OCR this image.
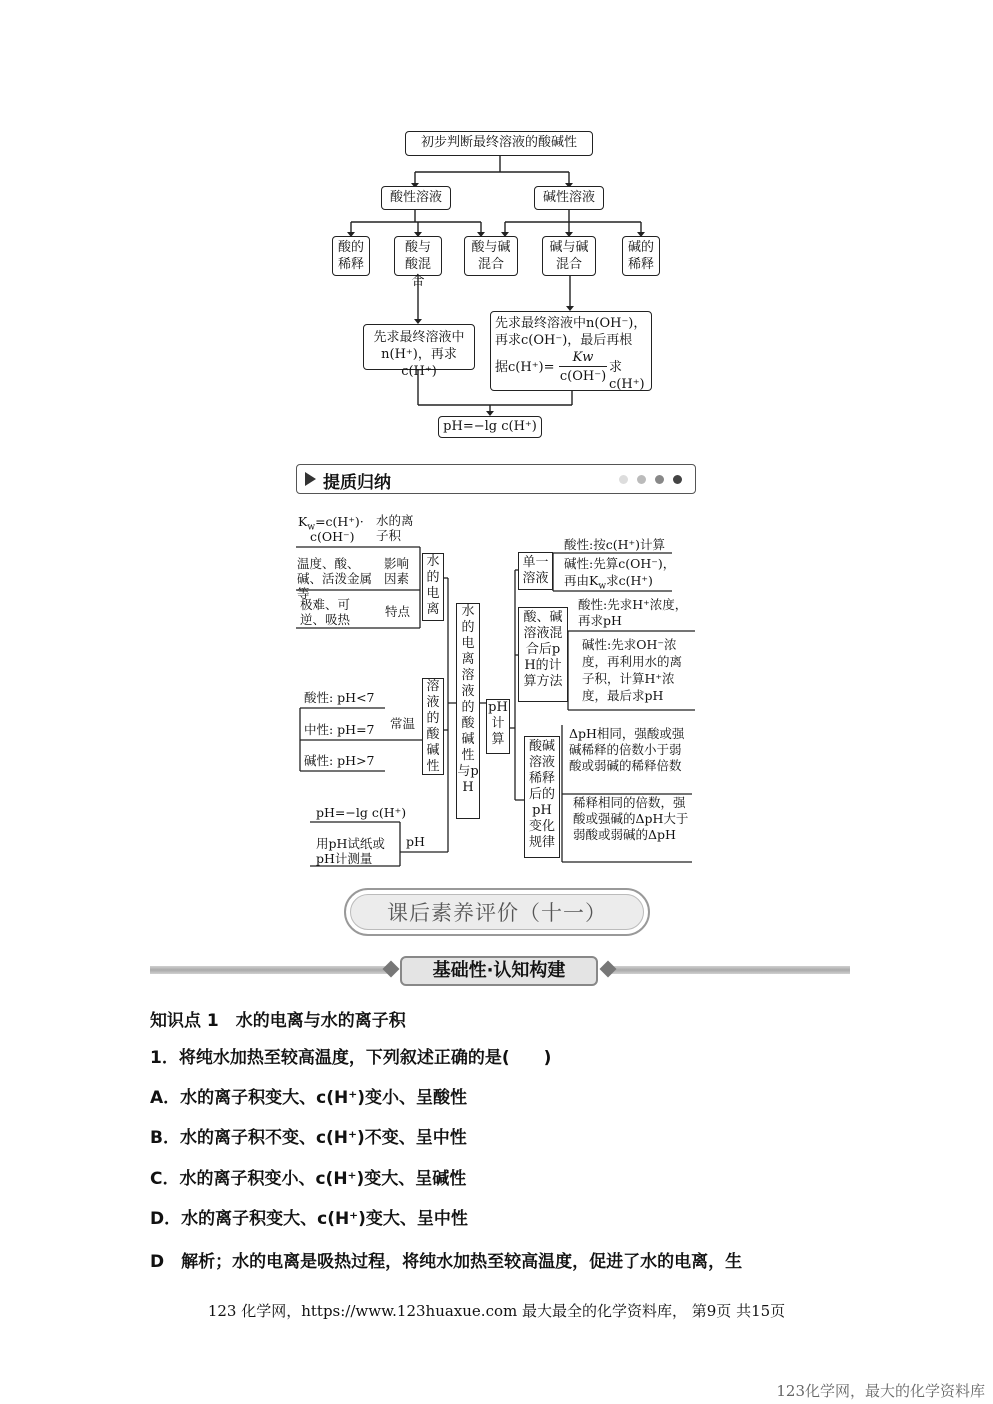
初步判断最终溶液的酸碱性
酸性溶液	碱性溶液
酸的稀释
酸与酸混合
酸与碱混合
碱与碱混合
碱的稀释
先求最终溶液中
n(H⁺)，再求c(H⁺)
先求最终溶液中n(OH⁻)，
再求c(OH⁻)，最后再根
据c(H⁺)=
Kw
c(OH⁻)
求c(H⁺)
pH=−lg c(H⁺)
提质归纳
$K_w=c(H^+)\cdot$
c(OH⁻)
水的离子积
温度、酸、碱、活泼金属等
影响因素
极难、可逆、吸热
特点
水的电离
酸性: pH<7
中性: pH=7
碱性: pH>7
常温
溶液的酸碱性
pH=−lg c(H⁺)
用pH试纸或pH计测量
pH
水的电离 溶液的酸碱性与pH
pH计算
单一溶液
酸性:按c(H⁺)计算
碱性:先算c(OH⁻)，
再由$K_w$求c(H⁺)
酸、碱溶液混合后pH的计算方法
酸性:先求H⁺浓度，再求pH
碱性:先求OH⁻浓度，再利用水的离子积，计算H⁺浓度，最后求pH
酸碱溶液稀释后的pH变化规律
ΔpH相同，强酸或强碱稀释的倍数小于弱酸或弱碱的稀释倍数
稀释相同的倍数，强酸或强碱的ΔpH大于弱酸或弱碱的ΔpH
课后素养评价（十一）
基础性·认知构建
知识点 1　水的电离与水的离子积
1．将纯水加热至较高温度，下列叙述正确的是(　　)
A．水的离子积变大、c(H⁺)变小、呈酸性
B．水的离子积不变、c(H⁺)不变、呈中性
C．水的离子积变小、c(H⁺)变大、呈碱性
D．水的离子积变大、c(H⁺)变大、呈中性
D　解析；水的电离是吸热过程，将纯水加热至较高温度，促进了水的电离，生
123 化学网，https://www.123huaxue.com 最大最全的化学资料库， 第9页 共15页
123化学网，最大的化学资料库
